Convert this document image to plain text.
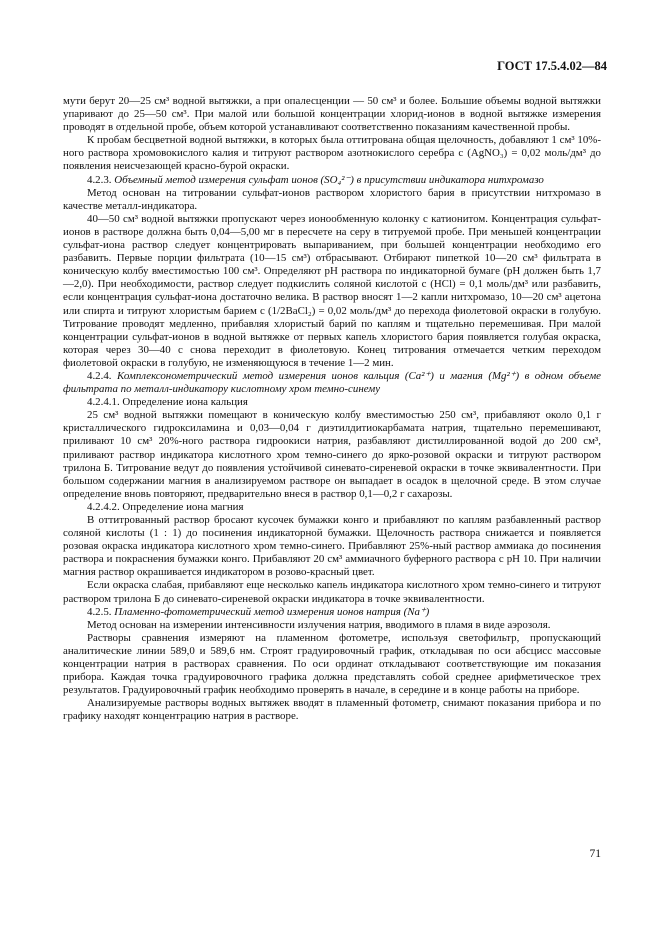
ГОСТ 17.5.4.02—84

мути берут 20—25 см³ водной вытяжки, а при опалесценции — 50 см³ и более. Большие объемы водной вытяжки упаривают до 25—50 см³. При малой или большой концентрации хлорид-ионов в водной вытяжке измерения проводят в отдельной пробе, объем которой устанавливают соответственно показаниям качественной пробы.

К пробам бесцветной водной вытяжки, в которых была оттитрована общая щелочность, добавляют 1 см³ 10%-ного раствора хромовокислого калия и титруют раствором азотнокислого серебра c (AgNO₃) = 0,02 моль/дм³ до появления неисчезающей красно-бурой окраски.

4.2.3. Объемный метод измерения сульфат ионов (SO₄²⁻) в присутствии индикатора нитхромазо

Метод основан на титровании сульфат-ионов раствором хлористого бария в присутствии нитхромазо в качестве металл-индикатора.

40—50 см³ водной вытяжки пропускают через ионообменную колонку с катионитом. Концентрация сульфат-ионов в растворе должна быть 0,04—5,00 мг в пересчете на серу в титруемой пробе. При меньшей концентрации сульфат-иона раствор следует концентрировать выпариванием, при большей концентрации необходимо его разбавить. Первые порции фильтрата (10—15 см³) отбрасывают. Отбирают пипеткой 10—20 см³ фильтрата в коническую колбу вместимостью 100 см³. Определяют pH раствора по индикаторной бумаге (pH должен быть 1,7—2,0). При необходимости, раствор следует подкислить соляной кислотой c (HCl) = 0,1 моль/дм³ или разбавить, если концентрация сульфат-иона достаточно велика. В раствор вносят 1—2 капли нитхромазо, 10—20 см³ ацетона или спирта и титруют хлористым барием c (1/2BaCl₂) = 0,02 моль/дм³ до перехода фиолетовой окраски в голубую. Титрование проводят медленно, прибавляя хлористый барий по каплям и тщательно перемешивая. При малой концентрации сульфат-ионов в водной вытяжке от первых капель хлористого бария появляется голубая окраска, которая через 30—40 с снова переходит в фиолетовую. Конец титрования отмечается четким переходом фиолетовой окраски в голубую, не изменяющуюся в течение 1—2 мин.

4.2.4. Комплексонометрический метод измерения ионов кальция (Ca²⁺) и магния (Mg²⁺) в одном объеме фильтрата по металл-индикатору кислотному хром темно-синему

4.2.4.1. Определение иона кальция

25 см³ водной вытяжки помещают в коническую колбу вместимостью 250 см³, прибавляют около 0,1 г кристаллического гидроксиламина и 0,03—0,04 г диэтилдитиокарбамата натрия, тщательно перемешивают, приливают 10 см³ 20%-ного раствора гидроокиси натрия, разбавляют дистиллированной водой до 200 см³, приливают раствор индикатора кислотного хром темно-синего до ярко-розовой окраски и титруют раствором трилона Б. Титрование ведут до появления устойчивой синевато-сиреневой окраски в точке эквивалентности. При большом содержании магния в анализируемом растворе он выпадает в осадок в щелочной среде. В этом случае определение вновь повторяют, предварительно внеся в раствор 0,1—0,2 г сахарозы.

4.2.4.2. Определение иона магния

В оттитрованный раствор бросают кусочек бумажки конго и прибавляют по каплям разбавленный раствор соляной кислоты (1 : 1) до посинения индикаторной бумажки. Щелочность раствора снижается и появляется розовая окраска индикатора кислотного хром темно-синего. Прибавляют 25%-ный раствор аммиака до посинения раствора и покраснения бумажки конго. Прибавляют 20 см³ аммиачного буферного раствора с pH 10. При наличии магния раствор окрашивается индикатором в розово-красный цвет.

Если окраска слабая, прибавляют еще несколько капель индикатора кислотного хром темно-синего и титруют раствором трилона Б до синевато-сиреневой окраски индикатора в точке эквивалентности.

4.2.5. Пламенно-фотометрический метод измерения ионов натрия (Na⁺)

Метод основан на измерении интенсивности излучения натрия, вводимого в пламя в виде аэрозоля.

Растворы сравнения измеряют на пламенном фотометре, используя светофильтр, пропускающий аналитические линии 589,0 и 589,6 нм. Строят градуировочный график, откладывая по оси абсцисс массовые концентрации натрия в растворах сравнения. По оси ординат откладывают соответствующие им показания прибора. Каждая точка градуировочного графика должна представлять собой среднее арифметическое трех результатов. Градуировочный график необходимо проверять в начале, в середине и в конце работы на приборе.

Анализируемые растворы водных вытяжек вводят в пламенный фотометр, снимают показания прибора и по графику находят концентрацию натрия в растворе.

71
